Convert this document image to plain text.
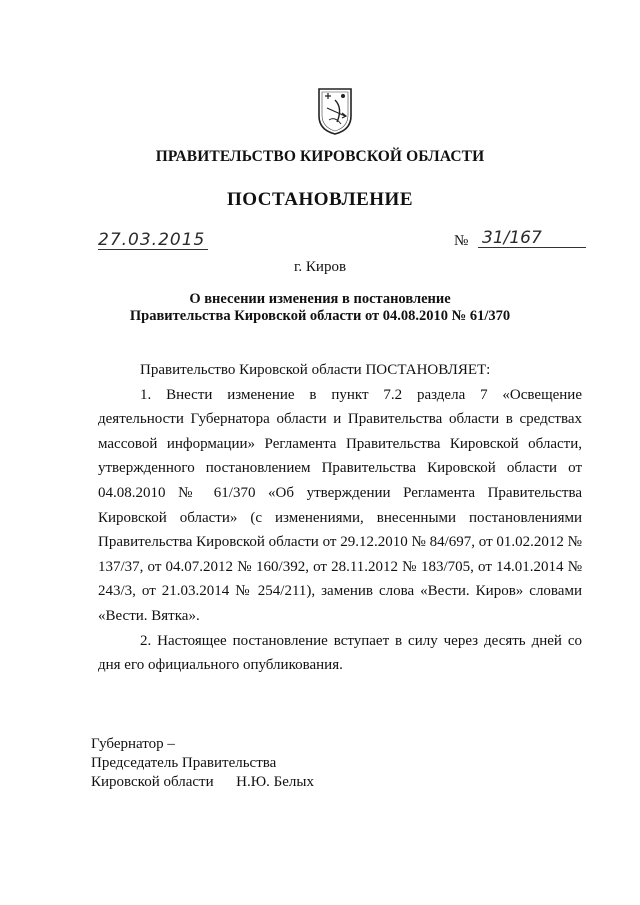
ПРАВИТЕЛЬСТВО КИРОВСКОЙ ОБЛАСТИ
ПОСТАНОВЛЕНИЕ
27.03.2015	№ 31/167
г. Киров
О внесении изменения в постановление
Правительства Кировской области от 04.08.2010 № 61/370

Правительство Кировской области ПОСТАНОВЛЯЕТ:

1. Внести изменение в пункт 7.2 раздела 7 «Освещение деятельности Губернатора области и Правительства области в средствах массовой информации» Регламента Правительства Кировской области, утвержденного постановлением Правительства Кировской области от 04.08.2010 № 61/370 «Об утверждении Регламента Правительства Кировской области» (с изменениями, внесенными постановлениями Правительства Кировской области от 29.12.2010 № 84/697, от 01.02.2012 № 137/37, от 04.07.2012 № 160/392, от 28.11.2012 № 183/705, от 14.01.2014 № 243/3, от 21.03.2014 № 254/211), заменив слова «Вести. Киров» словами «Вести. Вятка».

2. Настоящее постановление вступает в силу через десять дней со дня его официального опубликования.

Губернатор –
Председатель Правительства
Кировской области Н.Ю. Белых
